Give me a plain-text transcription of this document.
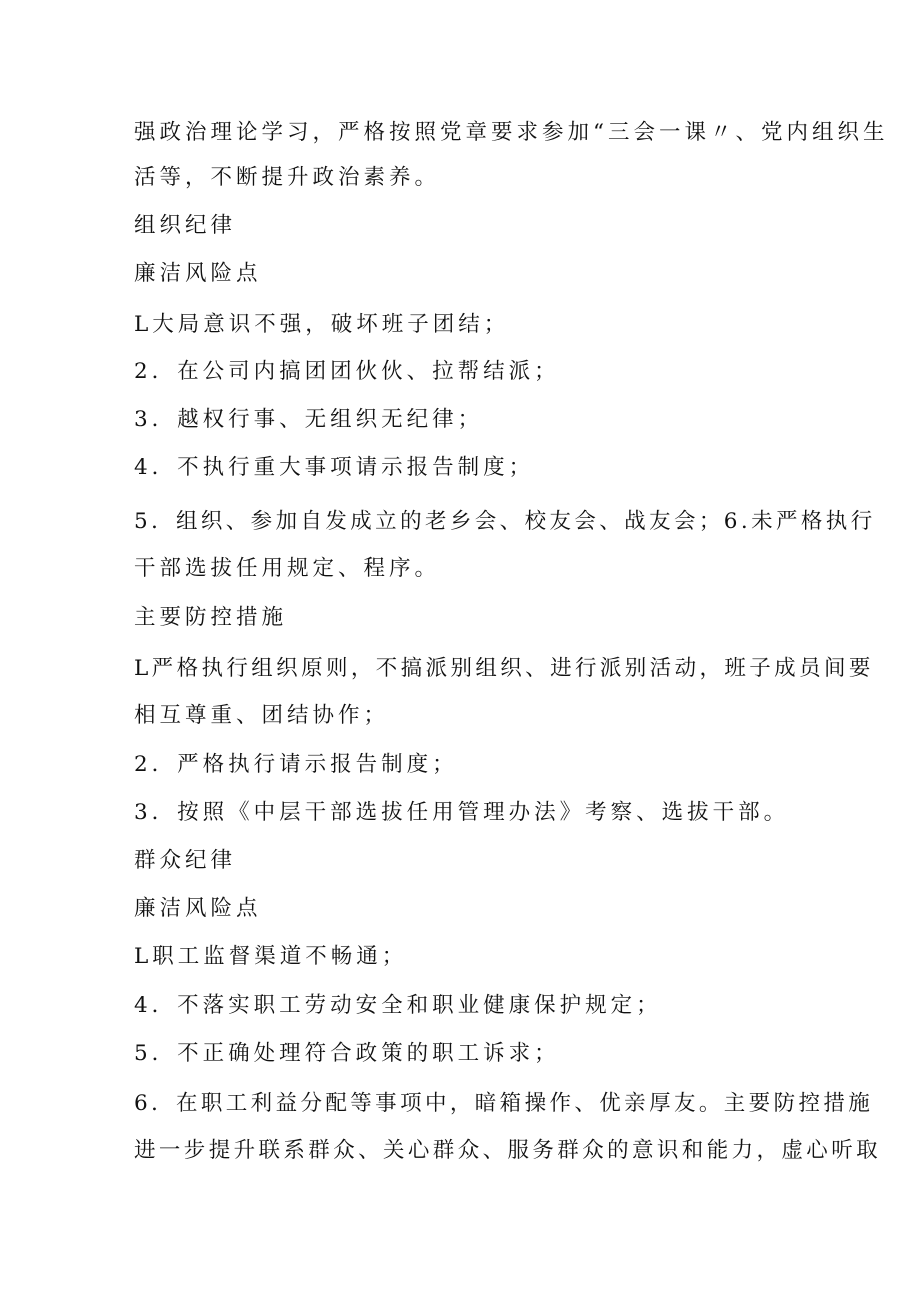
强政治理论学习，严格按照党章要求参加“三会一课〃、党内组织生
活等，不断提升政治素养。
组织纪律
廉洁风险点
L大局意识不强，破坏班子团结；
2．在公司内搞团团伙伙、拉帮结派；
3．越权行事、无组织无纪律；
4．不执行重大事项请示报告制度；
5．组织、参加自发成立的老乡会、校友会、战友会；6.未严格执行
干部选拔任用规定、程序。
主要防控措施
L严格执行组织原则，不搞派别组织、进行派别活动，班子成员间要
相互尊重、团结协作；
2．严格执行请示报告制度；
3．按照《中层干部选拔任用管理办法》考察、选拔干部。
群众纪律
廉洁风险点
L职工监督渠道不畅通；
4．不落实职工劳动安全和职业健康保护规定；
5．不正确处理符合政策的职工诉求；
6．在职工利益分配等事项中，暗箱操作、优亲厚友。主要防控措施
进一步提升联系群众、关心群众、服务群众的意识和能力，虚心听取
